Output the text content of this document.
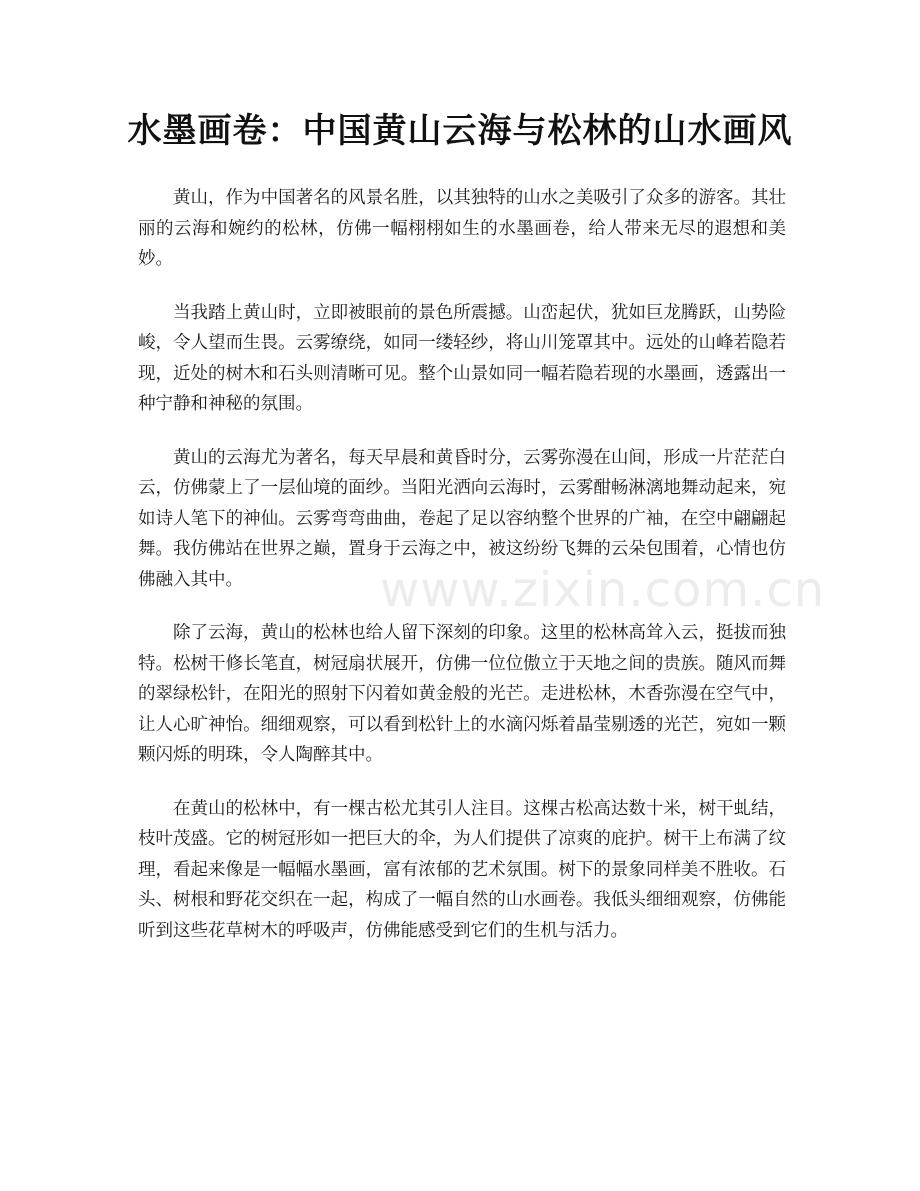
水墨画卷：中国黄山云海与松林的山水画风

黄山，作为中国著名的风景名胜，以其独特的山水之美吸引了众多的游客。其壮丽的云海和婉约的松林，仿佛一幅栩栩如生的水墨画卷，给人带来无尽的遐想和美妙。

当我踏上黄山时，立即被眼前的景色所震撼。山峦起伏，犹如巨龙腾跃，山势险峻，令人望而生畏。云雾缭绕，如同一缕轻纱，将山川笼罩其中。远处的山峰若隐若现，近处的树木和石头则清晰可见。整个山景如同一幅若隐若现的水墨画，透露出一种宁静和神秘的氛围。

黄山的云海尤为著名，每天早晨和黄昏时分，云雾弥漫在山间，形成一片茫茫白云，仿佛蒙上了一层仙境的面纱。当阳光洒向云海时，云雾酣畅淋漓地舞动起来，宛如诗人笔下的神仙。云雾弯弯曲曲，卷起了足以容纳整个世界的广袖，在空中翩翩起舞。我仿佛站在世界之巅，置身于云海之中，被这纷纷飞舞的云朵包围着，心情也仿佛融入其中。

除了云海，黄山的松林也给人留下深刻的印象。这里的松林高耸入云，挺拔而独特。松树干修长笔直，树冠扇状展开，仿佛一位位傲立于天地之间的贵族。随风而舞的翠绿松针，在阳光的照射下闪着如黄金般的光芒。走进松林，木香弥漫在空气中，让人心旷神怡。细细观察，可以看到松针上的水滴闪烁着晶莹剔透的光芒，宛如一颗颗闪烁的明珠，令人陶醉其中。

在黄山的松林中，有一棵古松尤其引人注目。这棵古松高达数十米，树干虬结，枝叶茂盛。它的树冠形如一把巨大的伞，为人们提供了凉爽的庇护。树干上布满了纹理，看起来像是一幅幅水墨画，富有浓郁的艺术氛围。树下的景象同样美不胜收。石头、树根和野花交织在一起，构成了一幅自然的山水画卷。我低头细细观察，仿佛能听到这些花草树木的呼吸声，仿佛能感受到它们的生机与活力。

www.zixin.com.cn
